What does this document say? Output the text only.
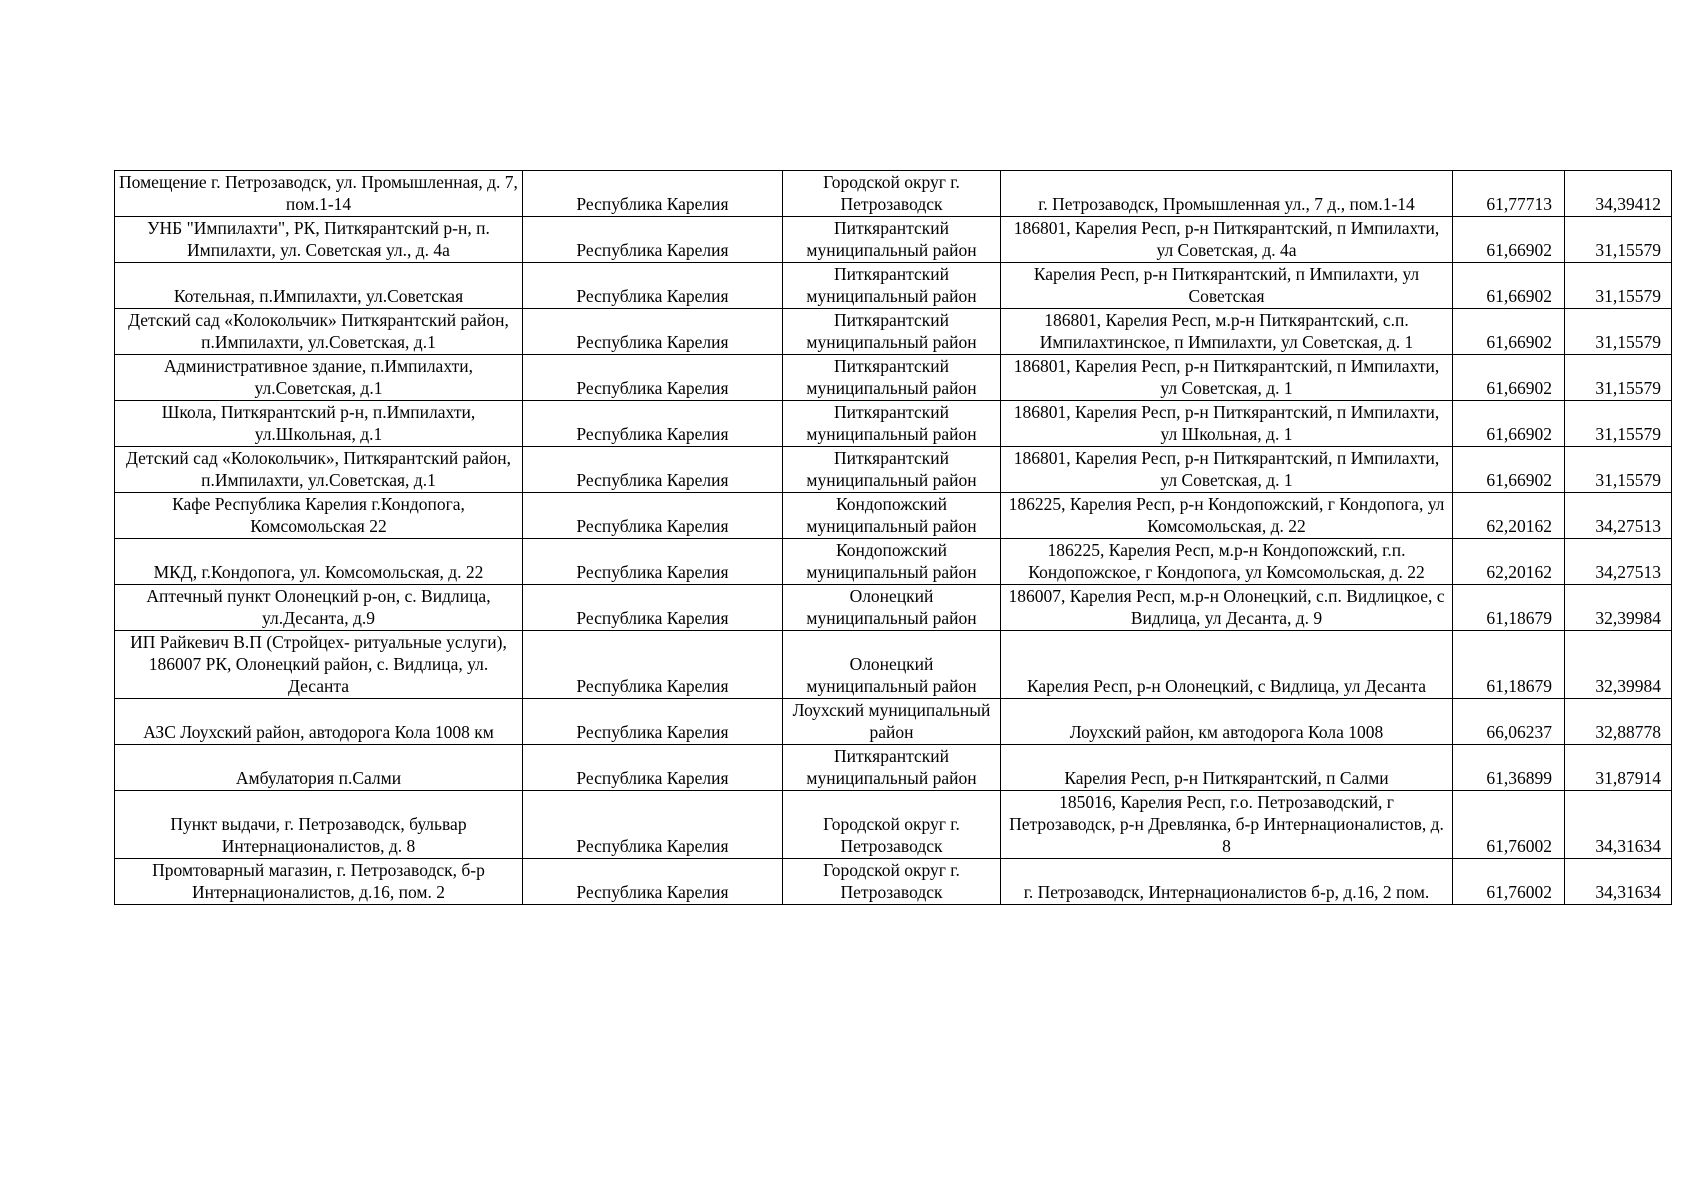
Помещение г. Петрозаводск, ул. Промышленная, д. 7, пом.1-14	Республика Карелия	Городской округ г. Петрозаводск	г. Петрозаводск, Промышленная ул., 7 д., пом.1-14	61,77713	34,39412
УНБ "Импилахти", РК, Питкярантский р-н, п. Импилахти, ул. Советская ул., д. 4а	Республика Карелия	Питкярантский муниципальный район	186801, Карелия Респ, р-н Питкярантский, п Импилахти, ул Советская, д. 4а	61,66902	31,15579
Котельная, п.Импилахти, ул.Советская	Республика Карелия	Питкярантский муниципальный район	Карелия Респ, р-н Питкярантский, п Импилахти, ул Советская	61,66902	31,15579
Детский сад «Колокольчик» Питкярантский район, п.Импилахти, ул.Советская, д.1	Республика Карелия	Питкярантский муниципальный район	186801, Карелия Респ, м.р-н Питкярантский, с.п. Импилахтинское, п Импилахти, ул Советская, д. 1	61,66902	31,15579
Административное здание, п.Импилахти, ул.Советская, д.1	Республика Карелия	Питкярантский муниципальный район	186801, Карелия Респ, р-н Питкярантский, п Импилахти, ул Советская, д. 1	61,66902	31,15579
Школа, Питкярантский р-н, п.Импилахти, ул.Школьная, д.1	Республика Карелия	Питкярантский муниципальный район	186801, Карелия Респ, р-н Питкярантский, п Импилахти, ул Школьная, д. 1	61,66902	31,15579
Детский сад «Колокольчик», Питкярантский район, п.Импилахти, ул.Советская, д.1	Республика Карелия	Питкярантский муниципальный район	186801, Карелия Респ, р-н Питкярантский, п Импилахти, ул Советская, д. 1	61,66902	31,15579
Кафе Республика Карелия г.Кондопога, Комсомольская 22	Республика Карелия	Кондопожский муниципальный район	186225, Карелия Респ, р-н Кондопожский, г Кондопога, ул Комсомольская, д. 22	62,20162	34,27513
МКД, г.Кондопога, ул. Комсомольская, д. 22	Республика Карелия	Кондопожский муниципальный район	186225, Карелия Респ, м.р-н Кондопожский, г.п. Кондопожское, г Кондопога, ул Комсомольская, д. 22	62,20162	34,27513
Аптечный пункт Олонецкий р-он, с. Видлица, ул.Десанта, д.9	Республика Карелия	Олонецкий муниципальный район	186007, Карелия Респ, м.р-н Олонецкий, с.п. Видлицкое, с Видлица, ул Десанта, д. 9	61,18679	32,39984
ИП Райкевич В.П (Стройцех- ритуальные услуги), 186007 РК, Олонецкий район, с. Видлица, ул. Десанта	Республика Карелия	Олонецкий муниципальный район	Карелия Респ, р-н Олонецкий, с Видлица, ул Десанта	61,18679	32,39984
АЗС Лоухский район, автодорога Кола 1008 км	Республика Карелия	Лоухский муниципальный район	Лоухский район, км автодорога Кола 1008	66,06237	32,88778
Амбулатория п.Салми	Республика Карелия	Питкярантский муниципальный район	Карелия Респ, р-н Питкярантский, п Салми	61,36899	31,87914
Пункт выдачи, г. Петрозаводск, бульвар Интернационалистов, д. 8	Республика Карелия	Городской округ г. Петрозаводск	185016, Карелия Респ, г.о. Петрозаводский, г Петрозаводск, р-н Древлянка, б-р Интернационалистов, д. 8	61,76002	34,31634
Промтоварный магазин, г. Петрозаводск, б-р Интернационалистов, д.16, пом. 2	Республика Карелия	Городской округ г. Петрозаводск	г. Петрозаводск, Интернационалистов б-р, д.16, 2 пом.	61,76002	34,31634
